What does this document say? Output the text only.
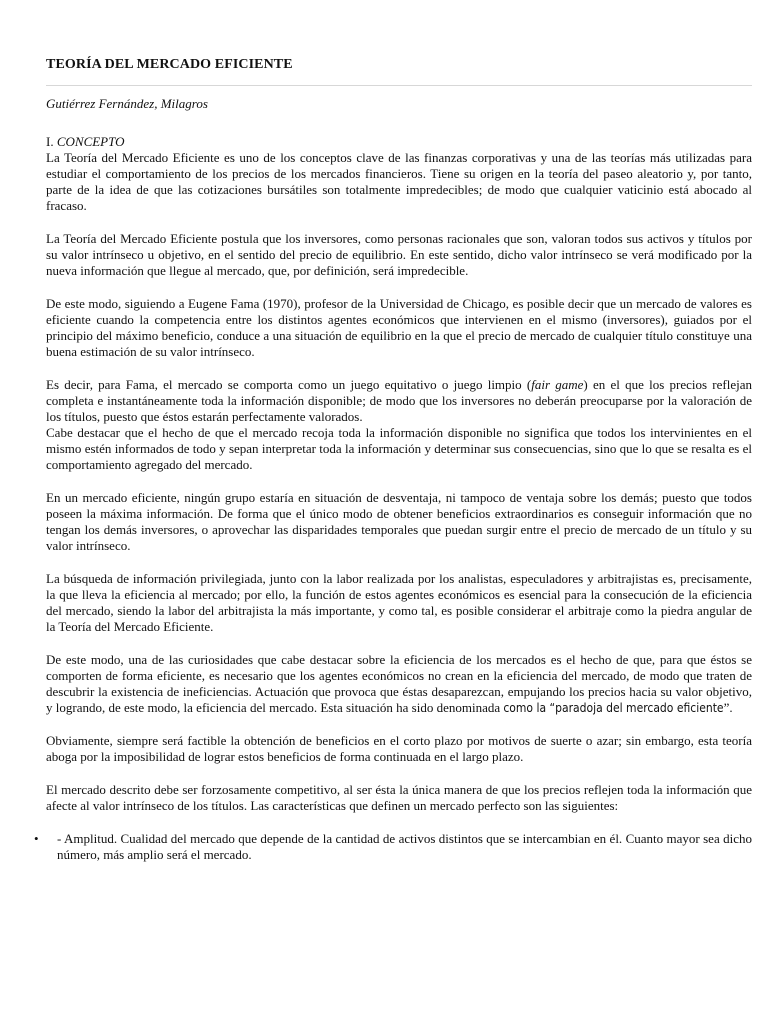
TEORÍA DEL MERCADO EFICIENTE
Gutiérrez Fernández, Milagros
I. CONCEPTO

La Teoría del Mercado Eficiente es uno de los conceptos clave de las finanzas corporativas y una de las teorías más utilizadas para estudiar el comportamiento de los precios de los mercados financieros. Tiene su origen en la teoría del paseo aleatorio y, por tanto, parte de la idea de que las cotizaciones bursátiles son totalmente impredecibles; de modo que cualquier vaticinio está abocado al fracaso.

La Teoría del Mercado Eficiente postula que los inversores, como personas racionales que son, valoran todos sus activos y títulos por su valor intrínseco u objetivo, en el sentido del precio de equilibrio. En este sentido, dicho valor intrínseco se verá modificado por la nueva información que llegue al mercado, que, por definición, será impredecible.

De este modo, siguiendo a Eugene Fama (1970), profesor de la Universidad de Chicago, es posible decir que un mercado de valores es eficiente cuando la competencia entre los distintos agentes económicos que intervienen en el mismo (inversores), guiados por el principio del máximo beneficio, conduce a una situación de equilibrio en la que el precio de mercado de cualquier título constituye una buena estimación de su valor intrínseco.

Es decir, para Fama, el mercado se comporta como un juego equitativo o juego limpio (fair game) en el que los precios reflejan completa e instantáneamente toda la información disponible; de modo que los inversores no deberán preocuparse por la valoración de los títulos, puesto que éstos estarán perfectamente valorados.

Cabe destacar que el hecho de que el mercado recoja toda la información disponible no significa que todos los intervinientes en el mismo estén informados de todo y sepan interpretar toda la información y determinar sus consecuencias, sino que lo que se resalta es el comportamiento agregado del mercado.

En un mercado eficiente, ningún grupo estaría en situación de desventaja, ni tampoco de ventaja sobre los demás; puesto que todos poseen la máxima información. De forma que el único modo de obtener beneficios extraordinarios es conseguir información que no tengan los demás inversores, o aprovechar las disparidades temporales que puedan surgir entre el precio de mercado de un título y su valor intrínseco.

La búsqueda de información privilegiada, junto con la labor realizada por los analistas, especuladores y arbitrajistas es, precisamente, la que lleva la eficiencia al mercado; por ello, la función de estos agentes económicos es esencial para la consecución de la eficiencia del mercado, siendo la labor del arbitrajista la más importante, y como tal, es posible considerar el arbitraje como la piedra angular de la Teoría del Mercado Eficiente.

De este modo, una de las curiosidades que cabe destacar sobre la eficiencia de los mercados es el hecho de que, para que éstos se comporten de forma eficiente, es necesario que los agentes económicos no crean en la eficiencia del mercado, de modo que traten de descubrir la existencia de ineficiencias. Actuación que provoca que éstas desaparezcan, empujando los precios hacia su valor objetivo, y logrando, de este modo, la eficiencia del mercado. Esta situación ha sido denominada como la “paradoja del mercado eficiente”.

Obviamente, siempre será factible la obtención de beneficios en el corto plazo por motivos de suerte o azar; sin embargo, esta teoría aboga por la imposibilidad de lograr estos beneficios de forma continuada en el largo plazo.

El mercado descrito debe ser forzosamente competitivo, al ser ésta la única manera de que los precios reflejen toda la información que afecte al valor intrínseco de los títulos. Las características que definen un mercado perfecto son las siguientes:

• - Amplitud. Cualidad del mercado que depende de la cantidad de activos distintos que se intercambian en él. Cuanto mayor sea dicho número, más amplio será el mercado.
